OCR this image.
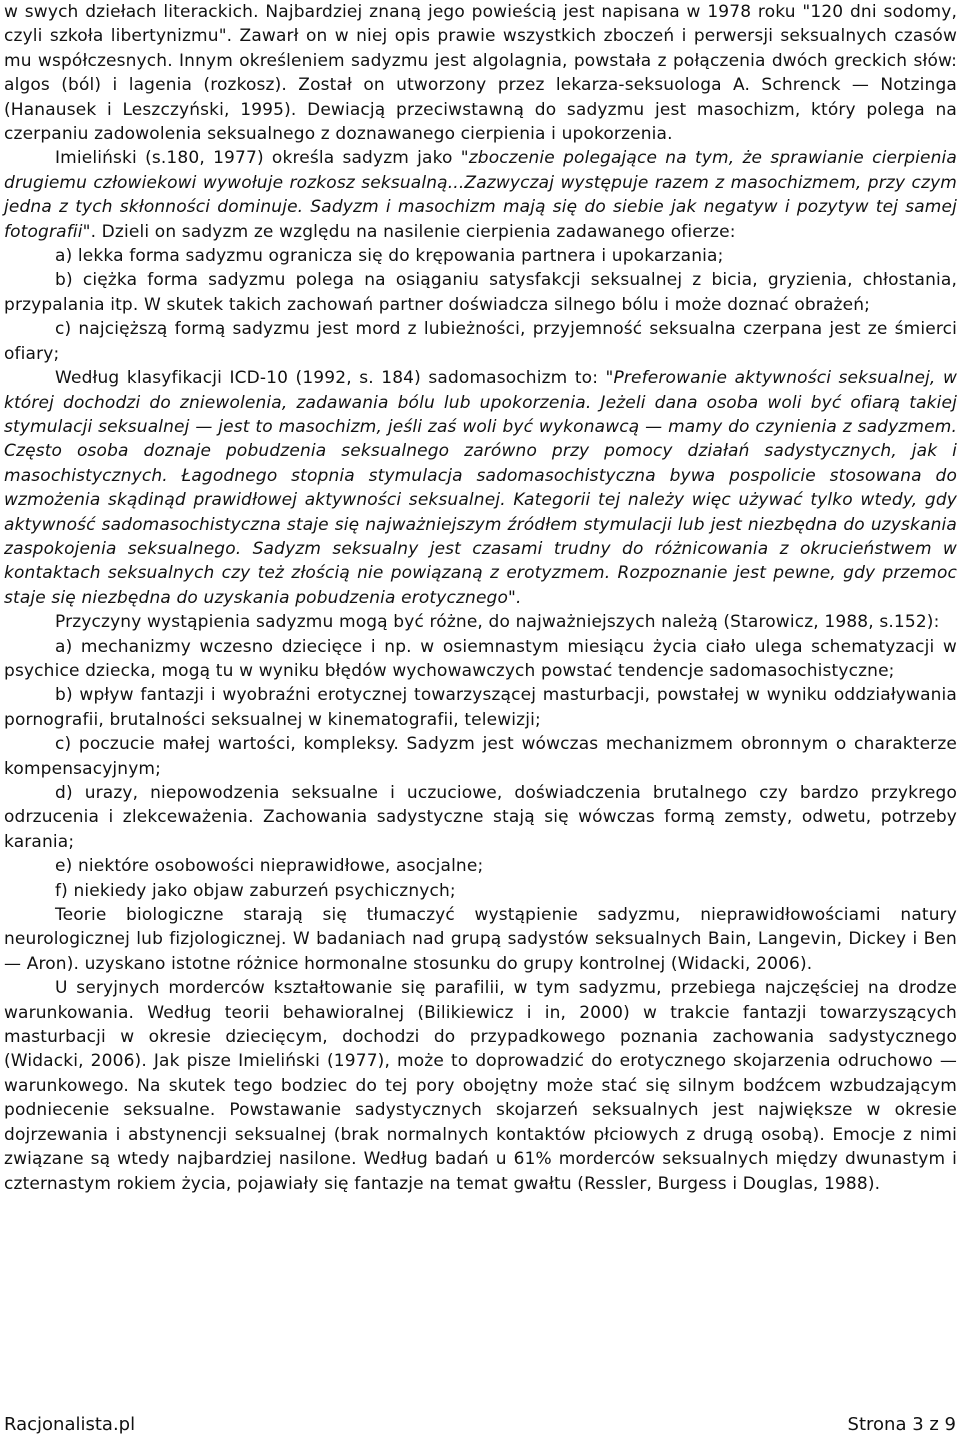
w swych dziełach literackich. Najbardziej znaną jego powieścią jest napisana w 1978 roku "120 dni sodomy, czyli szkoła libertynizmu". Zawarł on w niej opis prawie wszystkich zboczeń i perwersji seksualnych czasów mu współczesnych. Innym określeniem sadyzmu jest algolagnia, powstała z połączenia dwóch greckich słów: algos (ból) i lagenia (rozkosz). Został on utworzony przez lekarza-seksuologa A. Schrenck — Notzinga (Hanausek i Leszczyński, 1995). Dewiacją przeciwstawną do sadyzmu jest masochizm, który polega na czerpaniu zadowolenia seksualnego z doznawanego cierpienia i upokorzenia.

Imieliński (s.180, 1977) określa sadyzm jako "zboczenie polegające na tym, że sprawianie cierpienia drugiemu człowiekowi wywołuje rozkosz seksualną...Zazwyczaj występuje razem z masochizmem, przy czym jedna z tych skłonności dominuje. Sadyzm i masochizm mają się do siebie jak negatyw i pozytyw tej samej fotografii". Dzieli on sadyzm ze względu na nasilenie cierpienia zadawanego ofierze:

a) lekka forma sadyzmu ogranicza się do krępowania partnera i upokarzania;

b) ciężka forma sadyzmu polega na osiąganiu satysfakcji seksualnej z bicia, gryzienia, chłostania, przypalania itp. W skutek takich zachowań partner doświadcza silnego bólu i może doznać obrażeń;

c) najcięższą formą sadyzmu jest mord z lubieżności, przyjemność seksualna czerpana jest ze śmierci ofiary;

Według klasyfikacji ICD-10 (1992, s. 184) sadomasochizm to: "Preferowanie aktywności seksualnej, w której dochodzi do zniewolenia, zadawania bólu lub upokorzenia. Jeżeli dana osoba woli być ofiarą takiej stymulacji seksualnej — jest to masochizm, jeśli zaś woli być wykonawcą — mamy do czynienia z sadyzmem. Często osoba doznaje pobudzenia seksualnego zarówno przy pomocy działań sadystycznych, jak i masochistycznych. Łagodnego stopnia stymulacja sadomasochistyczna bywa pospolicie stosowana do wzmożenia skądinąd prawidłowej aktywności seksualnej. Kategorii tej należy więc używać tylko wtedy, gdy aktywność sadomasochistyczna staje się najważniejszym źródłem stymulacji lub jest niezbędna do uzyskania zaspokojenia seksualnego. Sadyzm seksualny jest czasami trudny do różnicowania z okrucieństwem w kontaktach seksualnych czy też złością nie powiązaną z erotyzmem. Rozpoznanie jest pewne, gdy przemoc staje się niezbędna do uzyskania pobudzenia erotycznego".

Przyczyny wystąpienia sadyzmu mogą być różne, do najważniejszych należą (Starowicz, 1988, s.152):

a) mechanizmy wczesno dziecięce i np. w osiemnastym miesiącu życia ciało ulega schematyzacji w psychice dziecka, mogą tu w wyniku błędów wychowawczych powstać tendencje sadomasochistyczne;

b) wpływ fantazji i wyobraźni erotycznej towarzyszącej masturbacji, powstałej w wyniku oddziaływania pornografii, brutalności seksualnej w kinematografii, telewizji;

c) poczucie małej wartości, kompleksy. Sadyzm jest wówczas mechanizmem obronnym o charakterze kompensacyjnym;

d) urazy, niepowodzenia seksualne i uczuciowe, doświadczenia brutalnego czy bardzo przykrego odrzucenia i zlekceważenia. Zachowania sadystyczne stają się wówczas formą zemsty, odwetu, potrzeby karania;

e) niektóre osobowości nieprawidłowe, asocjalne;

f) niekiedy jako objaw zaburzeń psychicznych;

Teorie biologiczne starają się tłumaczyć wystąpienie sadyzmu, nieprawidłowościami natury neurologicznej lub fizjologicznej. W badaniach nad grupą sadystów seksualnych Bain, Langevin, Dickey i Ben — Aron). uzyskano istotne różnice hormonalne stosunku do grupy kontrolnej (Widacki, 2006).

U seryjnych morderców kształtowanie się parafilii, w tym sadyzmu, przebiega najczęściej na drodze warunkowania. Według teorii behawioralnej (Bilikiewicz i in, 2000) w trakcie fantazji towarzyszących masturbacji w okresie dziecięcym, dochodzi do przypadkowego poznania zachowania sadystycznego (Widacki, 2006). Jak pisze Imieliński (1977), może to doprowadzić do erotycznego skojarzenia odruchowo — warunkowego. Na skutek tego bodziec do tej pory obojętny może stać się silnym bodźcem wzbudzającym podniecenie seksualne. Powstawanie sadystycznych skojarzeń seksualnych jest największe w okresie dojrzewania i abstynencji seksualnej (brak normalnych kontaktów płciowych z drugą osobą). Emocje z nimi związane są wtedy najbardziej nasilone. Według badań u 61% morderców seksualnych między dwunastym i czternastym rokiem życia, pojawiały się fantazje na temat gwałtu (Ressler, Burgess i Douglas, 1988).

Racjonalista.pl	Strona 3 z 9
